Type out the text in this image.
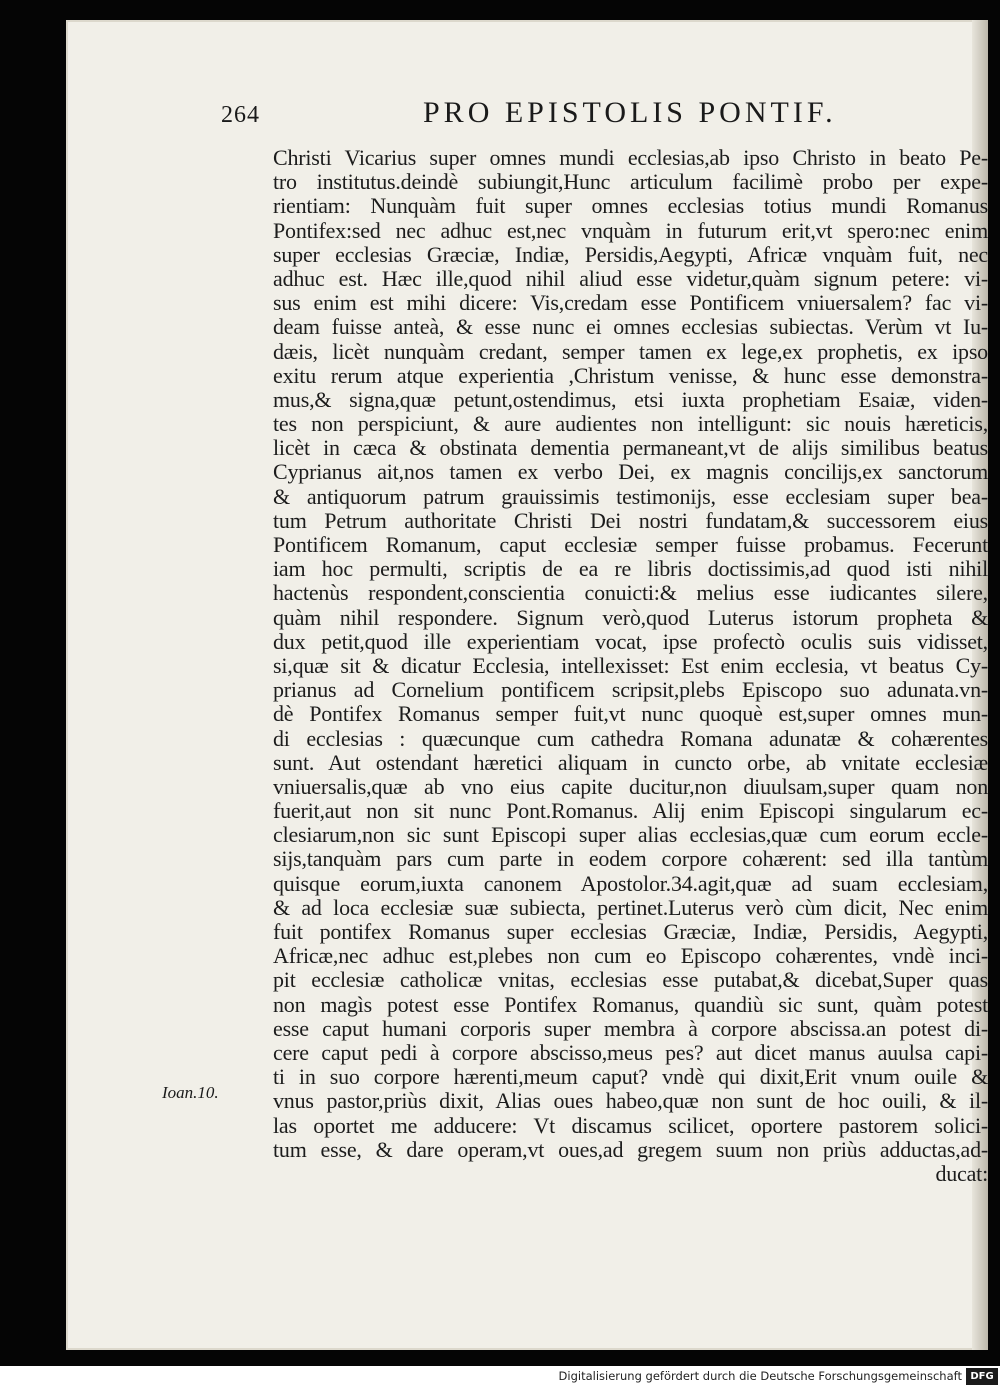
264	PRO EPISTOLIS PONTIF.
Ioan.10.
Christi Vicarius super omnes mundi ecclesias,ab ipso Christo in beato Pe-
tro institutus.deindè subiungit,Hunc articulum facilimè probo per expe-
rientiam: Nunquàm fuit super omnes ecclesias totius mundi Romanus
Pontifex:sed nec adhuc est,nec vnquàm in futurum erit,vt spero:nec enim
super ecclesias Græciæ, Indiæ, Persidis,Aegypti, Africæ vnquàm fuit, nec
adhuc est. Hæc ille,quod nihil aliud esse videtur,quàm signum petere: vi-
sus enim est mihi dicere: Vis,credam esse Pontificem vniuersalem? fac vi-
deam fuisse anteà, & esse nunc ei omnes ecclesias subiectas. Verùm vt Iu-
dæis, licèt nunquàm credant, semper tamen ex lege,ex prophetis, ex ipso
exitu rerum atque experientia ,Christum venisse, & hunc esse demonstra-
mus,& signa,quæ petunt,ostendimus, etsi iuxta prophetiam Esaiæ, viden-
tes non perspiciunt, & aure audientes non intelligunt: sic nouis hæreticis,
licèt in cæca & obstinata dementia permaneant,vt de alijs similibus beatus
Cyprianus ait,nos tamen ex verbo Dei, ex magnis concilijs,ex sanctorum
& antiquorum patrum grauissimis testimonijs, esse ecclesiam super bea-
tum Petrum authoritate Christi Dei nostri fundatam,& successorem eius
Pontificem Romanum, caput ecclesiæ semper fuisse probamus. Fecerunt
iam hoc permulti, scriptis de ea re libris doctissimis,ad quod isti nihil
hactenùs respondent,conscientia conuicti:& melius esse iudicantes silere,
quàm nihil respondere. Signum verò,quod Luterus istorum propheta &
dux petit,quod ille experientiam vocat, ipse profectò oculis suis vidisset,
si,quæ sit & dicatur Ecclesia, intellexisset: Est enim ecclesia, vt beatus Cy-
prianus ad Cornelium pontificem scripsit,plebs Episcopo suo adunata.vn-
dè Pontifex Romanus semper fuit,vt nunc quoquè est,super omnes mun-
di ecclesias : quæcunque cum cathedra Romana adunatæ & cohærentes
sunt. Aut ostendant hæretici aliquam in cuncto orbe, ab vnitate ecclesiæ
vniuersalis,quæ ab vno eius capite ducitur,non diuulsam,super quam non
fuerit,aut non sit nunc Pont.Romanus. Alij enim Episcopi singularum ec-
clesiarum,non sic sunt Episcopi super alias ecclesias,quæ cum eorum eccle-
sijs,tanquàm pars cum parte in eodem corpore cohærent: sed illa tantùm
quisque eorum,iuxta canonem Apostolor.34.agit,quæ ad suam ecclesiam,
& ad loca ecclesiæ suæ subiecta, pertinet.Luterus verò cùm dicit, Nec enim
fuit pontifex Romanus super ecclesias Græciæ, Indiæ, Persidis, Aegypti,
Africæ,nec adhuc est,plebes non cum eo Episcopo cohærentes, vndè inci-
pit ecclesiæ catholicæ vnitas, ecclesias esse putabat,& dicebat,Super quas
non magìs potest esse Pontifex Romanus, quandiù sic sunt, quàm potest
esse caput humani corporis super membra à corpore abscissa.an potest di-
cere caput pedi à corpore abscisso,meus pes? aut dicet manus auulsa capi-
ti in suo corpore hærenti,meum caput? vndè qui dixit,Erit vnum ouile &
vnus pastor,priùs dixit, Alias oues habeo,quæ non sunt de hoc ouili, & il-
las oportet me adducere: Vt discamus scilicet, oportere pastorem solici-
tum esse, & dare operam,vt oues,ad gregem suum non priùs adductas,ad-
ducat:
Digitalisierung gefördert durch die Deutsche Forschungsgemeinschaft DFG
